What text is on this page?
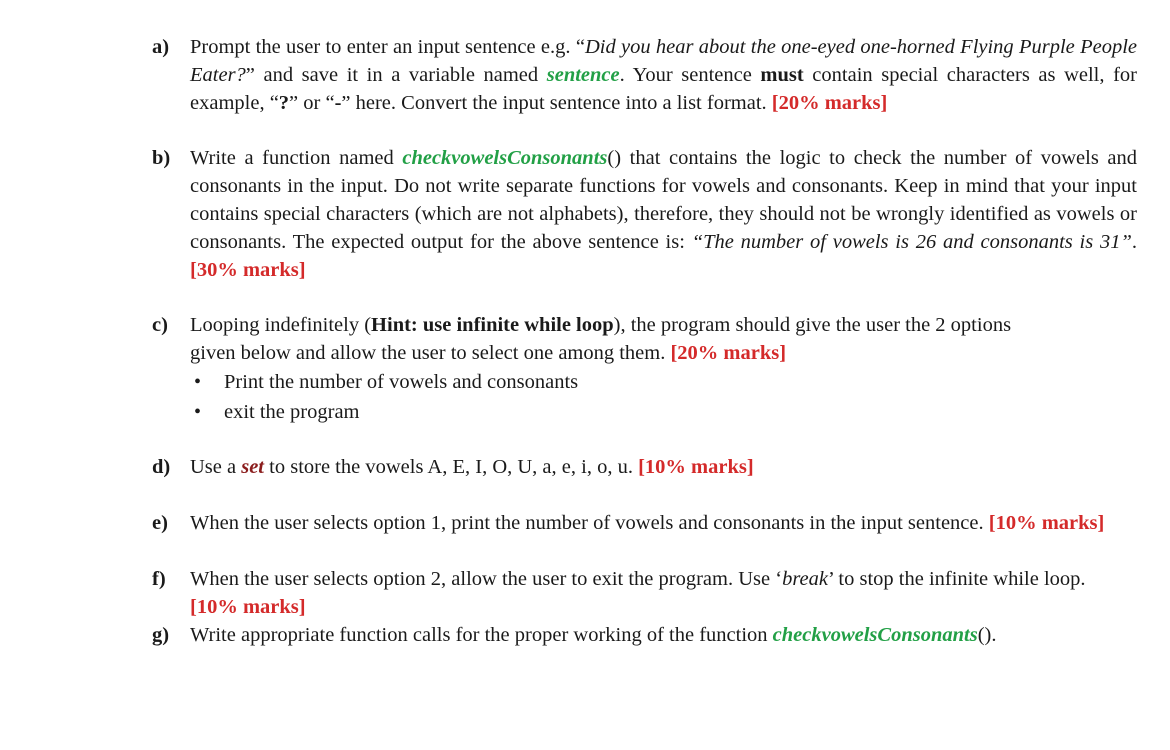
a) Prompt the user to enter an input sentence e.g. “Did you hear about the one-eyed one-horned Flying Purple People Eater?” and save it in a variable named sentence. Your sentence must contain special characters as well, for example, “?” or “-” here. Convert the input sentence into a list format. [20% marks]
b) Write a function named checkvowelsConsonants() that contains the logic to check the number of vowels and consonants in the input. Do not write separate functions for vowels and consonants. Keep in mind that your input contains special characters (which are not alphabets), therefore, they should not be wrongly identified as vowels or consonants. The expected output for the above sentence is: “The number of vowels is 26 and consonants is 31”. [30% marks]
c) Looping indefinitely (Hint: use infinite while loop), the program should give the user the 2 options given below and allow the user to select one among them. [20% marks]
• Print the number of vowels and consonants
• exit the program
d) Use a set to store the vowels A, E, I, O, U, a, e, i, o, u. [10% marks]
e) When the user selects option 1, print the number of vowels and consonants in the input sentence. [10% marks]
f) When the user selects option 2, allow the user to exit the program. Use ‘break’ to stop the infinite while loop. [10% marks]
g) Write appropriate function calls for the proper working of the function checkvowelsConsonants().
